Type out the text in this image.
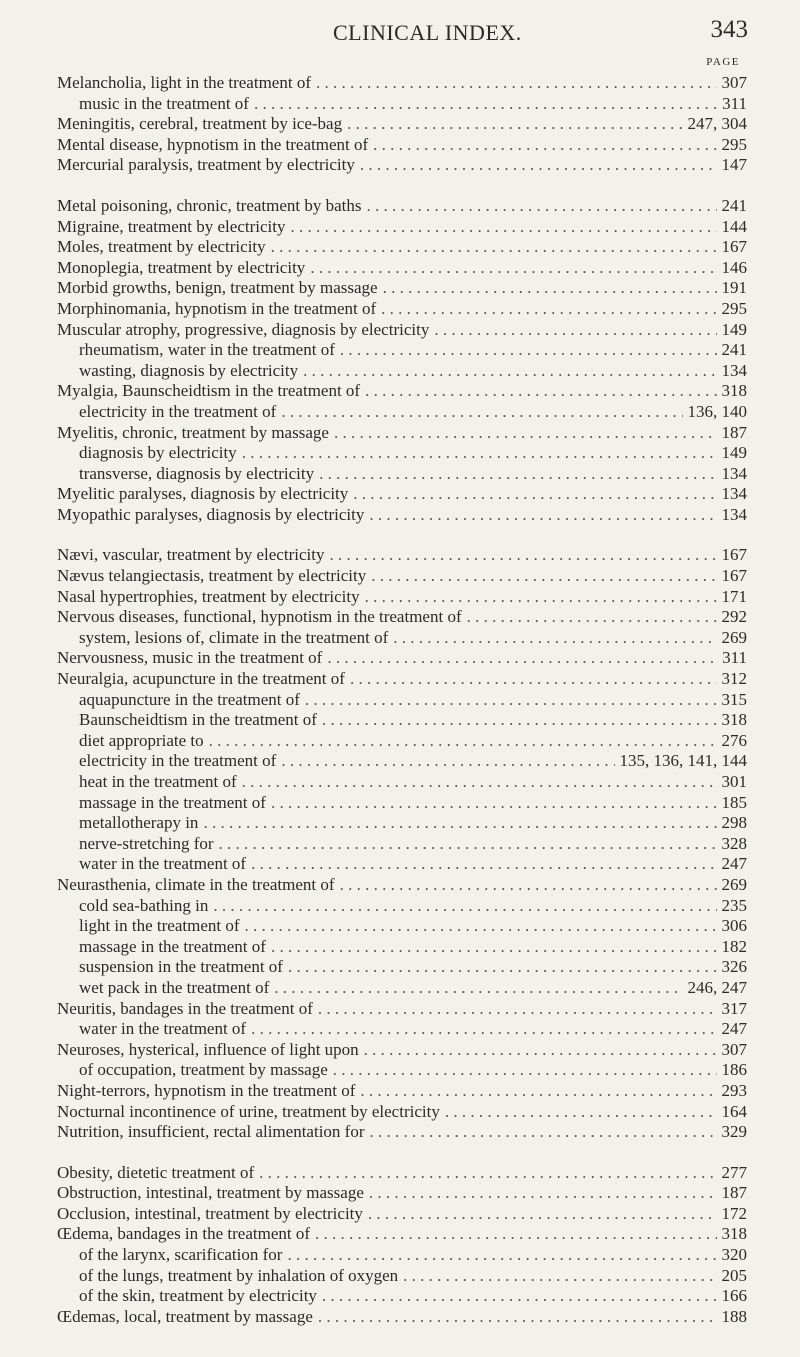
CLINICAL INDEX.	343
PAGE
Melancholia, light in the treatment of . . .	307
music in the treatment of . . .	311
Meningitis, cerebral, treatment by ice-bag . . .	247, 304
Mental disease, hypnotism in the treatment of . . .	295
Mercurial paralysis, treatment by electricity . . .	147
Metal poisoning, chronic, treatment by baths . . .	241
Migraine, treatment by electricity . . .	144
Moles, treatment by electricity . . .	167
Monoplegia, treatment by electricity . . .	146
Morbid growths, benign, treatment by massage . . .	191
Morphinomania, hypnotism in the treatment of . . .	295
Muscular atrophy, progressive, diagnosis by electricity . . .	149
rheumatism, water in the treatment of . . .	241
wasting, diagnosis by electricity . . .	134
Myalgia, Baunscheidtism in the treatment of . . .	318
electricity in the treatment of . . .	136, 140
Myelitis, chronic, treatment by massage . . .	187
diagnosis by electricity . . .	149
transverse, diagnosis by electricity . . .	134
Myelitic paralyses, diagnosis by electricity . . .	134
Myopathic paralyses, diagnosis by electricity . . .	134
Nævi, vascular, treatment by electricity . . .	167
Nævus telangiectasis, treatment by electricity . . .	167
Nasal hypertrophies, treatment by electricity . . .	171
Nervous diseases, functional, hypnotism in the treatment of . . .	292
system, lesions of, climate in the treatment of . . .	269
Nervousness, music in the treatment of . . .	311
Neuralgia, acupuncture in the treatment of . . .	312
aquapuncture in the treatment of . . .	315
Baunscheidtism in the treatment of . . .	318
diet appropriate to . . .	276
electricity in the treatment of . . .	135, 136, 141, 144
heat in the treatment of . . .	301
massage in the treatment of . . .	185
metallotherapy in . . .	298
nerve-stretching for . . .	328
water in the treatment of . . .	247
Neurasthenia, climate in the treatment of . . .	269
cold sea-bathing in . . .	235
light in the treatment of . . .	306
massage in the treatment of . . .	182
suspension in the treatment of . . .	326
wet pack in the treatment of . . .	246, 247
Neuritis, bandages in the treatment of . . .	317
water in the treatment of . . .	247
Neuroses, hysterical, influence of light upon . . .	307
of occupation, treatment by massage . . .	186
Night-terrors, hypnotism in the treatment of . . .	293
Nocturnal incontinence of urine, treatment by electricity . . .	164
Nutrition, insufficient, rectal alimentation for . . .	329
Obesity, dietetic treatment of . . .	277
Obstruction, intestinal, treatment by massage . . .	187
Occlusion, intestinal, treatment by electricity . . .	172
Œdema, bandages in the treatment of . . .	318
of the larynx, scarification for . . .	320
of the lungs, treatment by inhalation of oxygen . . .	205
of the skin, treatment by electricity . . .	166
Œdemas, local, treatment by massage . . .	188
